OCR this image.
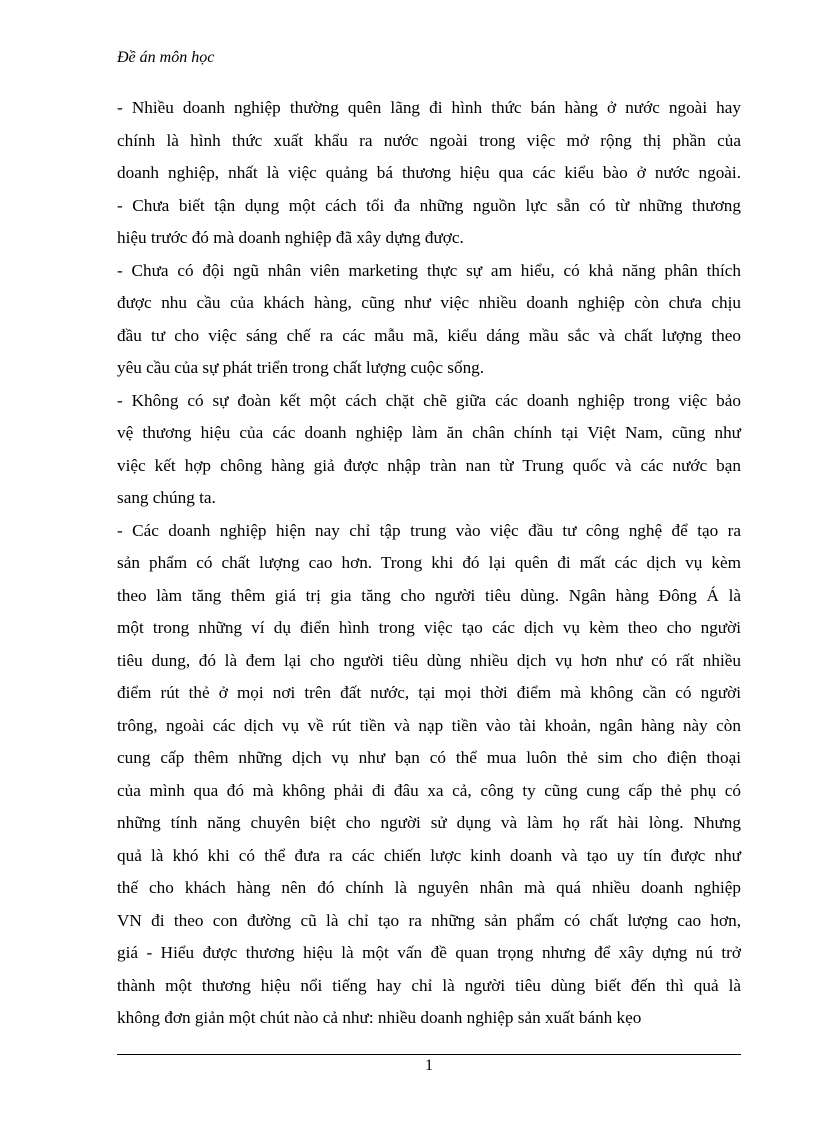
Đề án môn học
- Nhiều doanh nghiệp thường quên lãng đi hình thức bán hàng ở nước ngoài hay
chính là hình thức xuất khẩu ra nước ngoài trong việc mở rộng thị phần của
doanh nghiệp, nhất là việc quảng bá thương hiệu qua các kiểu bào ở nước ngoài.
- Chưa biết tận dụng một cách tối đa những nguồn lực sẵn có từ những thương
hiệu trước đó mà doanh nghiệp đã xây dựng được.
- Chưa có đội ngũ nhân viên marketing thực sự am hiểu, có khả năng phân thích
được nhu cầu của khách hàng, cũng như việc nhiều doanh nghiệp còn chưa chịu
đầu tư cho việc sáng chế ra các mẫu mã, kiểu dáng mầu sắc và chất lượng theo
yêu cầu của sự phát triển trong chất lượng cuộc sống.
- Không có sự đoàn kết một cách chặt chẽ giữa các doanh nghiệp trong việc bảo
vệ thương hiệu của các doanh nghiệp làm ăn chân chính tại Việt Nam, cũng như
việc kết hợp chông hàng giả được nhập tràn nan từ Trung quốc và các nước bạn
sang chúng ta.
- Các doanh nghiệp hiện nay chỉ tập trung vào việc đầu tư công nghệ để tạo ra
sản phẩm có chất lượng cao hơn. Trong khi đó lại quên đi mất các dịch vụ kèm
theo làm tăng thêm giá trị gia tăng cho người tiêu dùng. Ngân hàng Đông Á là
một trong những ví dụ điển hình trong việc tạo các dịch vụ kèm theo cho người
tiêu dung, đó là đem lại cho người tiêu dùng nhiều dịch vụ hơn như có rất nhiều
điểm rút thẻ ở mọi nơi trên đất nước, tại mọi thời điểm mà không cần có người
trông, ngoài các dịch vụ về rút tiền và nạp tiền vào tài khoản, ngân hàng này còn
cung cấp thêm những dịch vụ như bạn có thể mua luôn thẻ sim cho điện thoại
của mình qua đó mà không phải đi đâu xa cả, công ty cũng cung cấp thẻ phụ có
những tính năng chuyên biệt cho người sử dụng và làm họ rất hài lòng. Nhưng
quả là khó khi có thể đưa ra các chiến lược kinh doanh và tạo uy tín được như
thế cho khách hàng nên đó chính là nguyên nhân mà quá nhiều doanh nghiệp
VN đi theo con đường cũ là chỉ tạo ra những sản phẩm có chất lượng cao hơn,
giá - Hiểu được thương hiệu là một vấn đề quan trọng nhưng để xây dựng nú trở
thành một thương hiệu nổi tiếng hay chỉ là người tiêu dùng biết đến thì quả là
không đơn giản một chút nào cả như: nhiều doanh nghiệp sản xuất bánh kẹo
1
